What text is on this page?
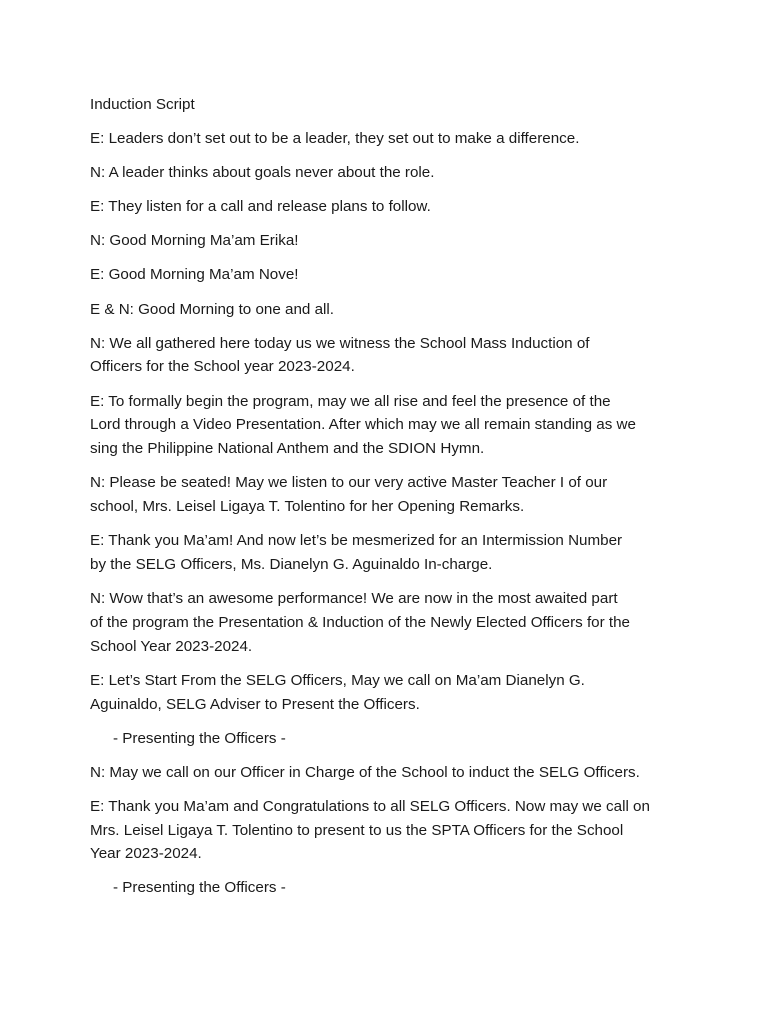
Induction Script

E: Leaders don’t set out to be a leader, they set out to make a difference.

N: A leader thinks about goals never about the role.

E: They listen for a call and release plans to follow.

N: Good Morning Ma’am Erika!

E: Good Morning Ma’am Nove!

E & N: Good Morning to one and all.

N: We all gathered here today us we witness the School Mass Induction of
Officers for the School year 2023-2024.

E: To formally begin the program, may we all rise and feel the presence of the
Lord through a Video Presentation. After which may we all remain standing as we
sing the Philippine National Anthem and the SDION Hymn.

N: Please be seated! May we listen to our very active Master Teacher I of our
school, Mrs. Leisel Ligaya T. Tolentino for her Opening Remarks.

E: Thank you Ma’am! And now let’s be mesmerized for an Intermission Number
by the SELG Officers, Ms. Dianelyn G. Aguinaldo In-charge.

N: Wow that’s an awesome performance! We are now in the most awaited part
of the program the Presentation & Induction of the Newly Elected Officers for the
School Year 2023-2024.

E: Let’s Start From the SELG Officers, May we call on Ma’am Dianelyn G.
Aguinaldo, SELG Adviser to Present the Officers.

- Presenting the Officers -

N: May we call on our Officer in Charge of the School to induct the SELG Officers.

E: Thank you Ma’am and Congratulations to all SELG Officers. Now may we call on
Mrs. Leisel Ligaya T. Tolentino to present to us the SPTA Officers for the School
Year 2023-2024.

- Presenting the Officers -
